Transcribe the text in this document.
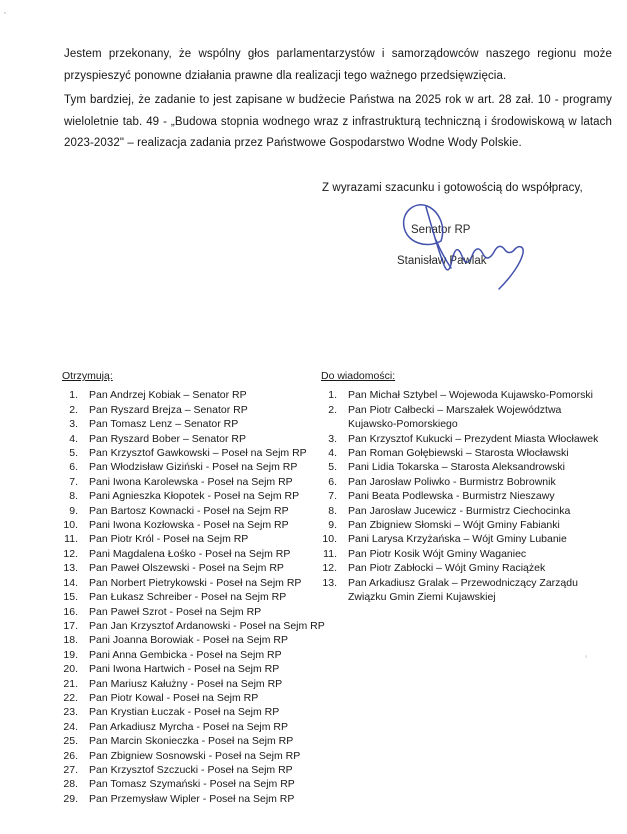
Jestem przekonany, że wspólny głos parlamentarzystów i samorządowców naszego regionu może przyspieszyć ponowne działania prawne dla realizacji tego ważnego przedsięwzięcia.

Tym bardziej, że zadanie to jest zapisane w budżecie Państwa na 2025 rok w art. 28 zał. 10 - programy wieloletnie tab. 49 - „Budowa stopnia wodnego wraz z infrastrukturą techniczną i środowiskową w latach 2023-2032" – realizacja zadania przez Państwowe Gospodarstwo Wodne Wody Polskie.

Z wyrazami szacunku i gotowością do współpracy,
Senator RP
Stanisław Pawlak
Otrzymują:
1. Pan Andrzej Kobiak – Senator RP
2. Pan Ryszard Brejza – Senator RP
3. Pan Tomasz Lenz – Senator RP
4. Pan Ryszard Bober – Senator RP
5. Pan Krzysztof Gawkowski – Poseł na Sejm RP
6. Pan Włodzisław Giziński - Poseł na Sejm RP
7. Pani Iwona Karolewska - Poseł na Sejm RP
8. Pani Agnieszka Kłopotek - Poseł na Sejm RP
9. Pan Bartosz Kownacki - Poseł na Sejm RP
10. Pani Iwona Kozłowska - Poseł na Sejm RP
11. Pan Piotr Król - Poseł na Sejm RP
12. Pani Magdalena Łośko - Poseł na Sejm RP
13. Pan Paweł Olszewski - Poseł na Sejm RP
14. Pan Norbert Pietrykowski - Poseł na Sejm RP
15. Pan Łukasz Schreiber - Poseł na Sejm RP
16. Pan Paweł Szrot - Poseł na Sejm RP
17. Pan Jan Krzysztof Ardanowski - Poseł na Sejm RP
18. Pani Joanna Borowiak - Poseł na Sejm RP
19. Pani Anna Gembicka - Poseł na Sejm RP
20. Pani Iwona Hartwich - Poseł na Sejm RP
21. Pan Mariusz Kałużny - Poseł na Sejm RP
22. Pan Piotr Kowal - Poseł na Sejm RP
23. Pan Krystian Łuczak - Poseł na Sejm RP
24. Pan Arkadiusz Myrcha - Poseł na Sejm RP
25. Pan Marcin Skonieczka - Poseł na Sejm RP
26. Pan Zbigniew Sosnowski - Poseł na Sejm RP
27. Pan Krzysztof Szczucki - Poseł na Sejm RP
28. Pan Tomasz Szymański - Poseł na Sejm RP
29. Pan Przemysław Wipler - Poseł na Sejm RP
Do wiadomości:
1. Pan Michał Sztybel – Wojewoda Kujawsko-Pomorski
2. Pan Piotr Całbecki – Marszałek Województwa Kujawsko-Pomorskiego
3. Pan Krzysztof Kukucki – Prezydent Miasta Włocławek
4. Pan Roman Gołębiewski – Starosta Włocławski
5. Pani Lidia Tokarska – Starosta Aleksandrowski
6. Pan Jarosław Poliwko - Burmistrz Bobrownik
7. Pani Beata Podlewska - Burmistrz Nieszawy
8. Pan Jarosław Jucewicz - Burmistrz Ciechocinka
9. Pan Zbigniew Słomski – Wójt Gminy Fabianki
10. Pani Larysa Krzyżańska – Wójt Gminy Lubanie
11. Pan Piotr Kosik Wójt Gminy Waganiec
12. Pan Piotr Zabłocki – Wójt Gminy Raciążek
13. Pan Arkadiusz Gralak – Przewodniczący Zarządu Związku Gmin Ziemi Kujawskiej
